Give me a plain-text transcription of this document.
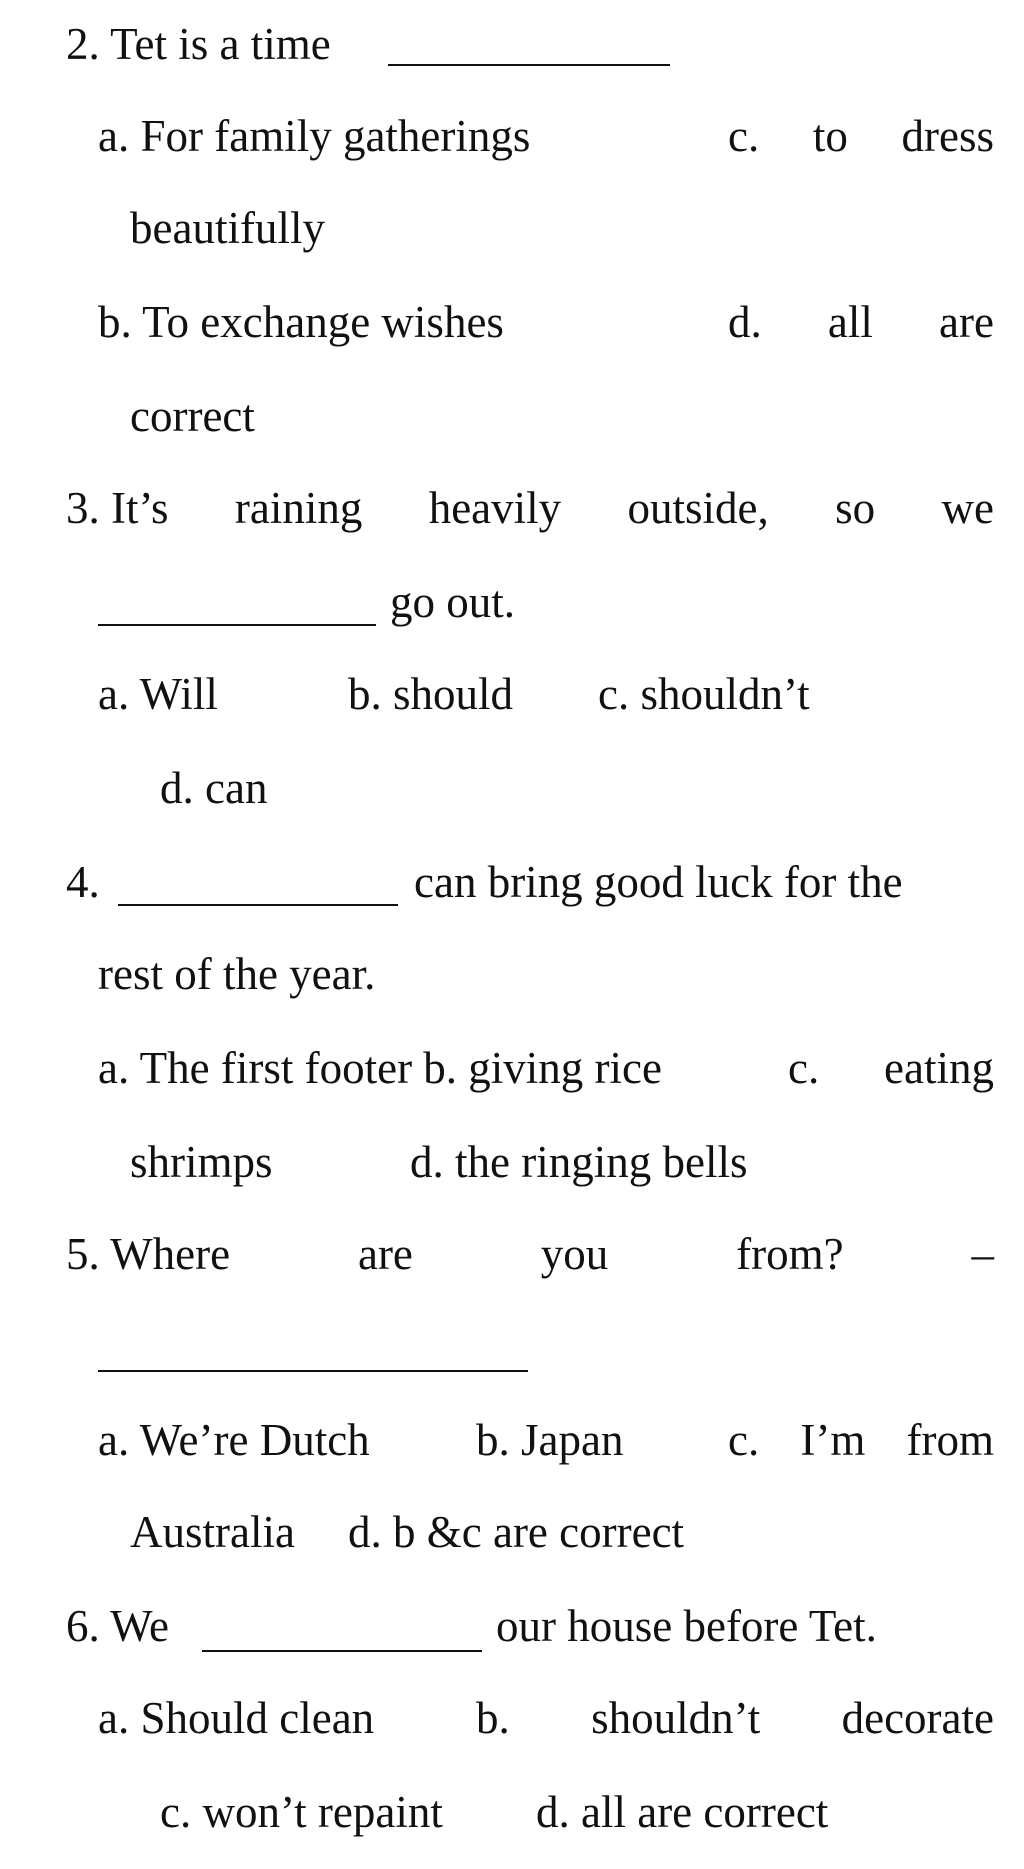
2. Tet is a time
a. For family gatherings	c. to dress
beautifully
b. To exchange wishes	d. all are
correct
3. It’s raining heavily outside, so we
go out.
a. Will	b. should c. shouldn’t
d. can
4.	can bring good luck for the
rest of the year.
a. The first footer b. giving rice	c. eating
shrimps	d. the ringing bells
5. Where	are	you	from?	–
a. We’re Dutch b. Japan c. I’m from
Australia d. b &c are correct
6. We	our house before Tet.
a. Should clean b. shouldn’t decorate
c. won’t repaint d. all are correct
